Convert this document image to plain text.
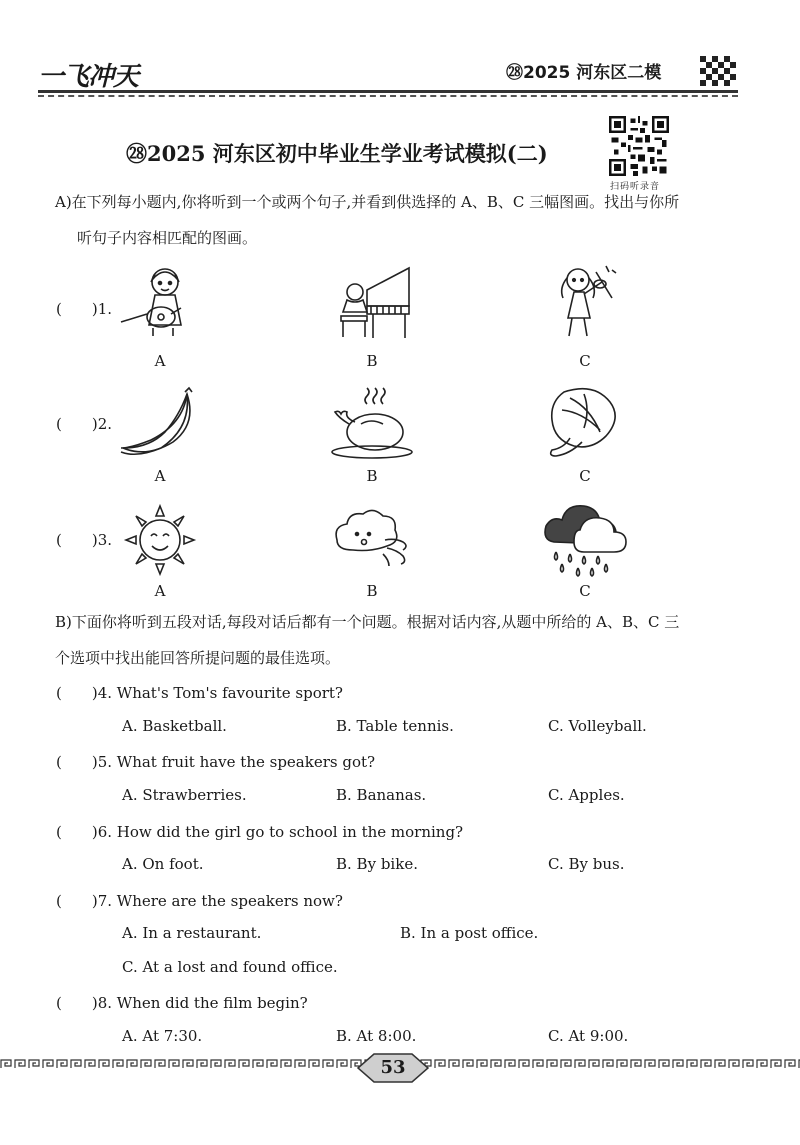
一飞冲天	㉘2025 河东区二模
㉘2025 河东区初中毕业生学业考试模拟(二)
扫码听录音
A)在下列每小题内,你将听到一个或两个句子,并看到供选择的 A、B、C 三幅图画。找出与你所
听句子内容相匹配的图画。
(　　)1.
A	B	C
(　　)2.
A	B	C
(　　)3.
A	B	C
B)下面你将听到五段对话,每段对话后都有一个问题。根据对话内容,从题中所给的 A、B、C 三
个选项中找出能回答所提问题的最佳选项。
(　　)4. What's Tom's favourite sport?
A. Basketball.	B. Table tennis.	C. Volleyball.
(　　)5. What fruit have the speakers got?
A. Strawberries.	B. Bananas.	C. Apples.
(　　)6. How did the girl go to school in the morning?
A. On foot.	B. By bike.	C. By bus.
(　　)7. Where are the speakers now?
A. In a restaurant.	B. In a post office.
C. At a lost and found office.
(　　)8. When did the film begin?
A. At 7:30.	B. At 8:00.	C. At 9:00.
53
